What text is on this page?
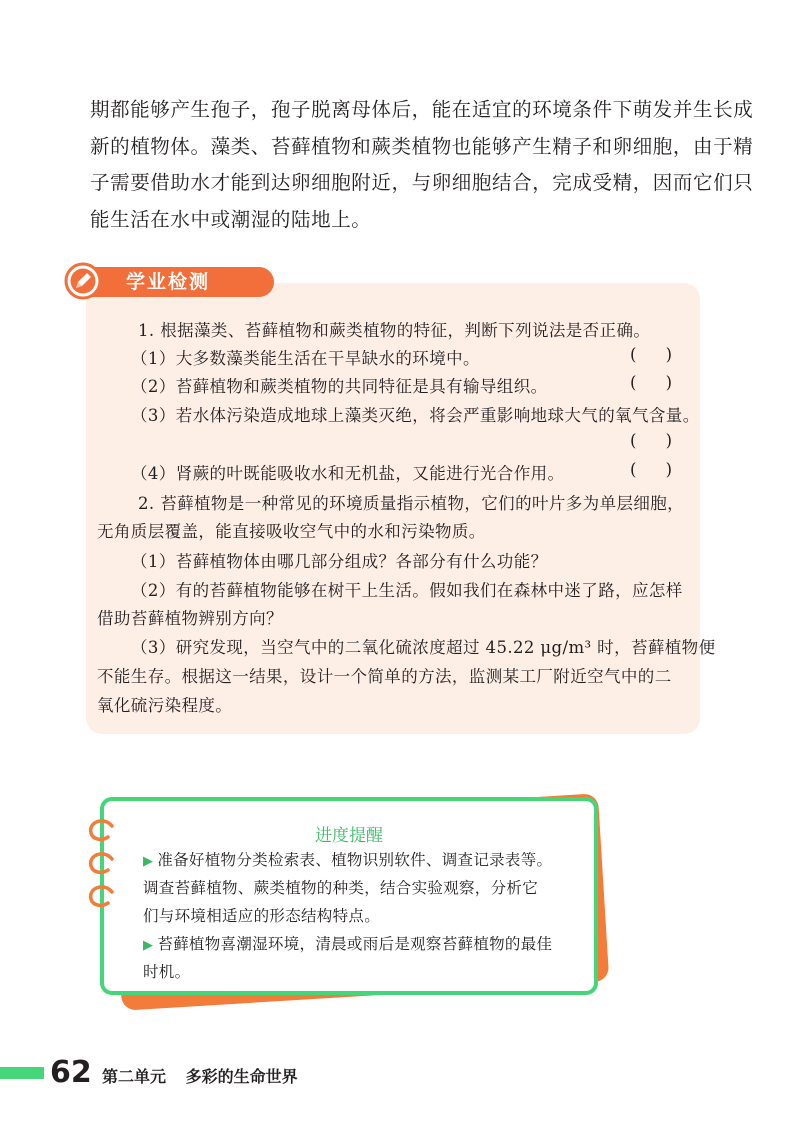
期都能够产生孢子，孢子脱离母体后，能在适宜的环境条件下萌发并生长成
新的植物体。藻类、苔藓植物和蕨类植物也能够产生精子和卵细胞，由于精
子需要借助水才能到达卵细胞附近，与卵细胞结合，完成受精，因而它们只
能生活在水中或潮湿的陆地上。
学业检测
1. 根据藻类、苔藓植物和蕨类植物的特征，判断下列说法是否正确。
（1）大多数藻类能生活在干旱缺水的环境中。	( )
（2）苔藓植物和蕨类植物的共同特征是具有输导组织。	( )
（3）若水体污染造成地球上藻类灭绝，将会严重影响地球大气的氧气含量。
( )
（4）肾蕨的叶既能吸收水和无机盐，又能进行光合作用。	( )
2. 苔藓植物是一种常见的环境质量指示植物，它们的叶片多为单层细胞，
无角质层覆盖，能直接吸收空气中的水和污染物质。
（1）苔藓植物体由哪几部分组成？各部分有什么功能？
（2）有的苔藓植物能够在树干上生活。假如我们在森林中迷了路，应怎样
借助苔藓植物辨别方向？
（3）研究发现，当空气中的二氧化硫浓度超过 45.22 μg/m³ 时，苔藓植物便
不能生存。根据这一结果，设计一个简单的方法，监测某工厂附近空气中的二
氧化硫污染程度。
进度提醒
▶ 准备好植物分类检索表、植物识别软件、调查记录表等。
调查苔藓植物、蕨类植物的种类，结合实验观察，分析它
们与环境相适应的形态结构特点。
▶ 苔藓植物喜潮湿环境，清晨或雨后是观察苔藓植物的最佳
时机。
62 第二单元 多彩的生命世界
